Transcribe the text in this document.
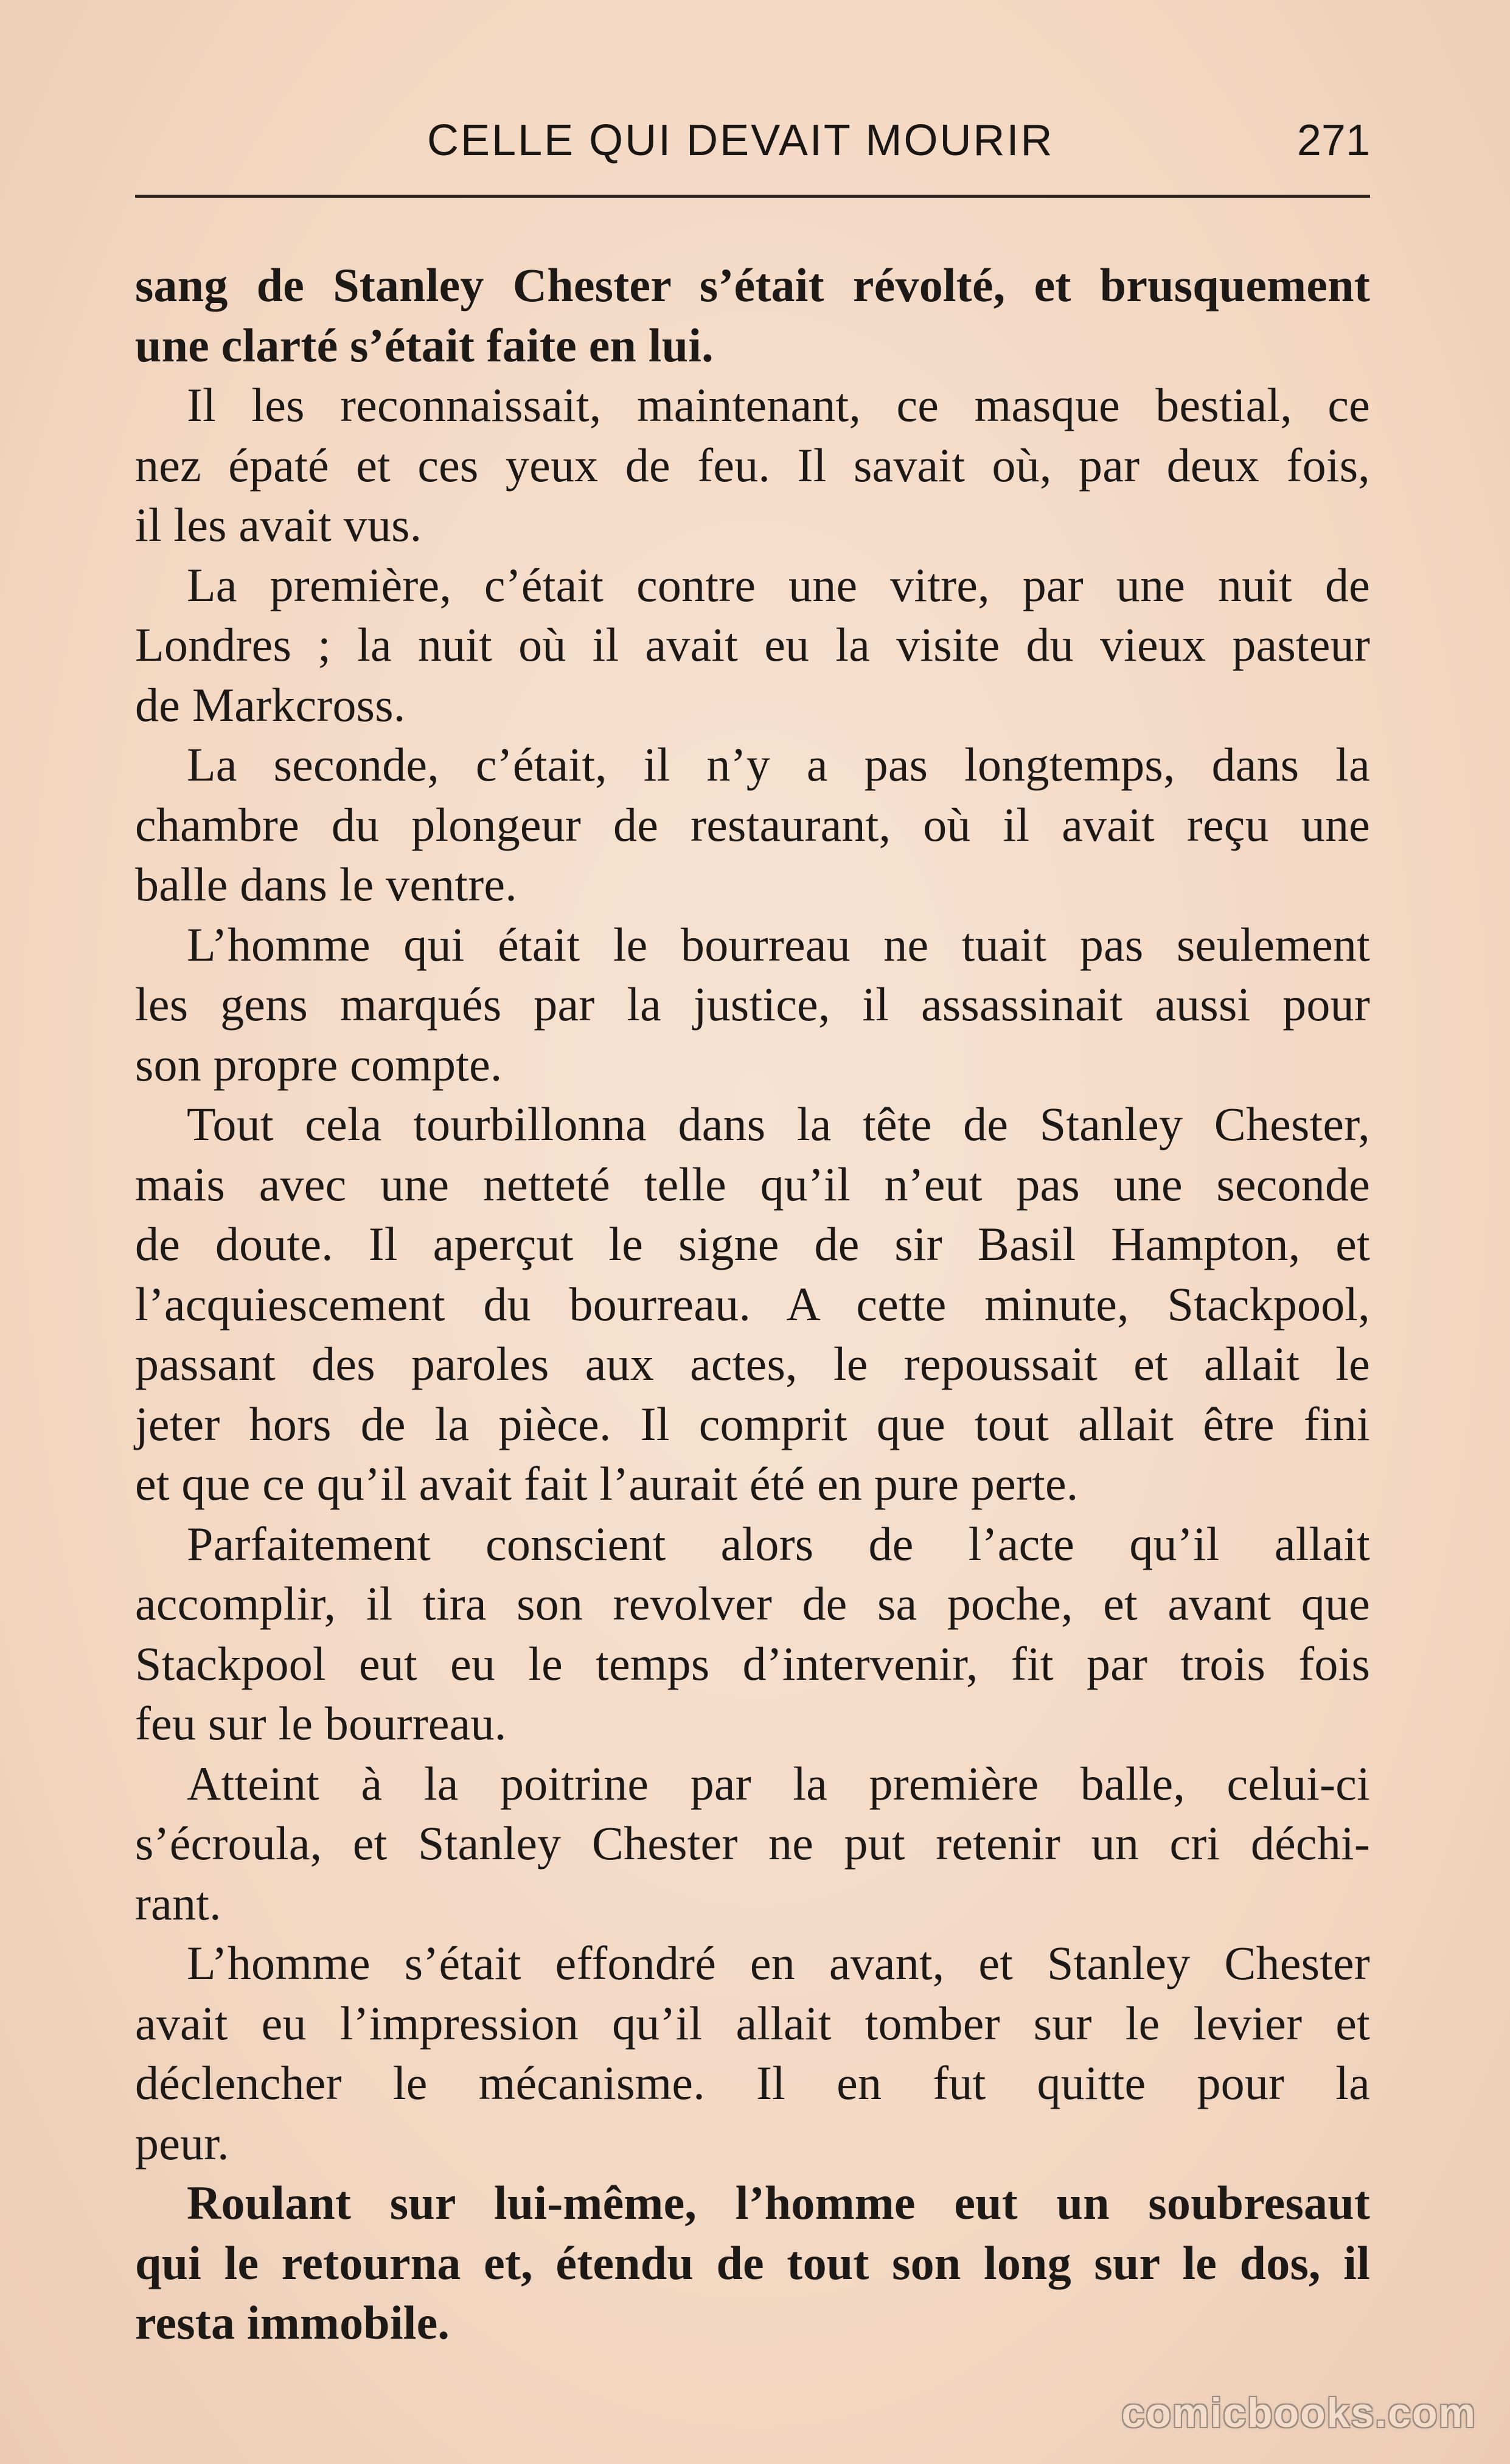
CELLE QUI DEVAIT MOURIR	271
sang de Stanley Chester s’était révolté, et brusquement
une clarté s’était faite en lui.
Il les reconnaissait, maintenant, ce masque bestial, ce
nez épaté et ces yeux de feu. Il savait où, par deux fois,
il les avait vus.
La première, c’était contre une vitre, par une nuit de
Londres ; la nuit où il avait eu la visite du vieux pasteur
de Markcross.
La seconde, c’était, il n’y a pas longtemps, dans la
chambre du plongeur de restaurant, où il avait reçu une
balle dans le ventre.
L’homme qui était le bourreau ne tuait pas seulement
les gens marqués par la justice, il assassinait aussi pour
son propre compte.
Tout cela tourbillonna dans la tête de Stanley Chester,
mais avec une netteté telle qu’il n’eut pas une seconde
de doute. Il aperçut le signe de sir Basil Hampton, et
l’acquiescement du bourreau. A cette minute, Stackpool,
passant des paroles aux actes, le repoussait et allait le
jeter hors de la pièce. Il comprit que tout allait être fini
et que ce qu’il avait fait l’aurait été en pure perte.
Parfaitement conscient alors de l’acte qu’il allait
accomplir, il tira son revolver de sa poche, et avant que
Stackpool eut eu le temps d’intervenir, fit par trois fois
feu sur le bourreau.
Atteint à la poitrine par la première balle, celui-ci
s’écroula, et Stanley Chester ne put retenir un cri déchi-
rant.
L’homme s’était effondré en avant, et Stanley Chester
avait eu l’impression qu’il allait tomber sur le levier et
déclencher le mécanisme. Il en fut quitte pour la
peur.
Roulant sur lui-même, l’homme eut un soubresaut
qui le retourna et, étendu de tout son long sur le dos, il
resta immobile.
comicbooks.com
